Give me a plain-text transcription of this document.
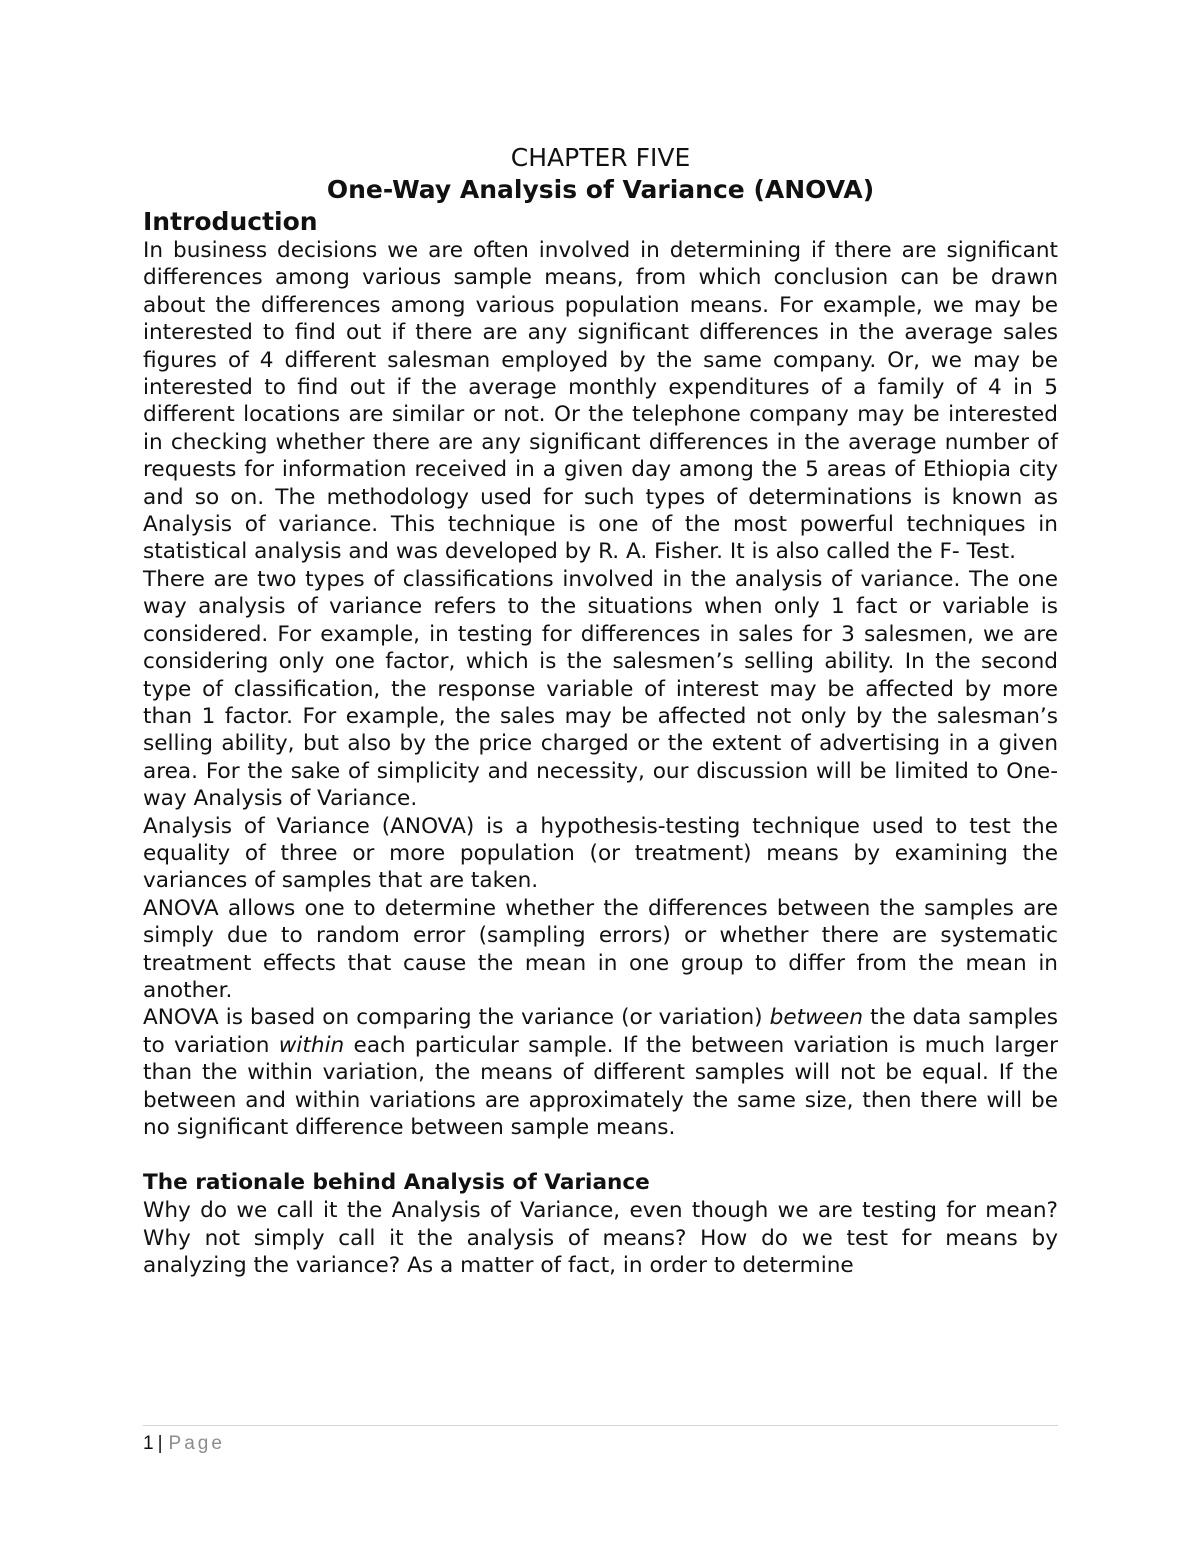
CHAPTER FIVE

One-Way Analysis of Variance (ANOVA)

Introduction

In business decisions we are often involved in determining if there are significant differences among various sample means, from which conclusion can be drawn about the differences among various population means. For example, we may be interested to find out if there are any significant differences in the average sales figures of 4 different salesman employed by the same company. Or, we may be interested to find out if the average monthly expenditures of a family of 4 in 5 different locations are similar or not. Or the telephone company may be interested in checking whether there are any significant differences in the average number of requests for information received in a given day among the 5 areas of Ethiopia city and so on. The methodology used for such types of determinations is known as Analysis of variance. This technique is one of the most powerful techniques in statistical analysis and was developed by R. A. Fisher. It is also called the F- Test.

There are two types of classifications involved in the analysis of variance. The one way analysis of variance refers to the situations when only 1 fact or variable is considered. For example, in testing for differences in sales for 3 salesmen, we are considering only one factor, which is the salesmen’s selling ability. In the second type of classification, the response variable of interest may be affected by more than 1 factor. For example, the sales may be affected not only by the salesman’s selling ability, but also by the price charged or the extent of advertising in a given area. For the sake of simplicity and necessity, our discussion will be limited to One-way Analysis of Variance.

Analysis of Variance (ANOVA) is a hypothesis-testing technique used to test the equality of three or more population (or treatment) means by examining the variances of samples that are taken.

ANOVA allows one to determine whether the differences between the samples are simply due to random error (sampling errors) or whether there are systematic treatment effects that cause the mean in one group to differ from the mean in another.

ANOVA is based on comparing the variance (or variation) between the data samples to variation within each particular sample. If the between variation is much larger than the within variation, the means of different samples will not be equal. If the between and within variations are approximately the same size, then there will be no significant difference between sample means.

The rationale behind Analysis of Variance

Why do we call it the Analysis of Variance, even though we are testing for mean? Why not simply call it the analysis of means? How do we test for means by analyzing the variance? As a matter of fact, in order to determine

1 | Page
